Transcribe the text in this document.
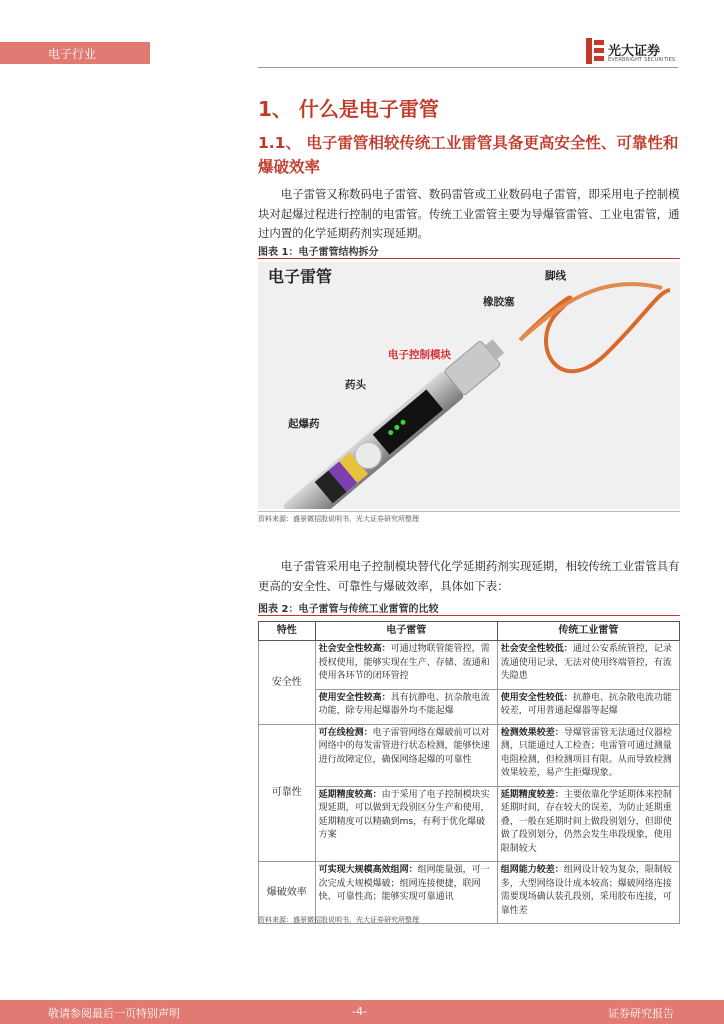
电子行业	光大证券
EVERBRIGHT SECURITIES
1、 什么是电子雷管
1.1、 电子雷管相较传统工业雷管具备更高安全性、可靠性和爆破效率
电子雷管又称数码电子雷管、数码雷管或工业数码电子雷管，即采用电子控制模块对起爆过程进行控制的电雷管。传统工业雷管主要为导爆管雷管、工业电雷管，通过内置的化学延期药剂实现延期。
图表 1：电子雷管结构拆分
电子雷管	脚线
橡胶塞
电子控制模块
药头
起爆药
资料来源：盛景微招股说明书，光大证券研究所整理
电子雷管采用电子控制模块替代化学延期药剂实现延期，相较传统工业雷管具有更高的安全性、可靠性与爆破效率，具体如下表：
图表 2：电子雷管与传统工业雷管的比较
特性	电子雷管	传统工业雷管
安全性	社会安全性较高：可通过物联管能管控，需授权使用，能够实现在生产、存储、流通和使用各环节的闭环管控	社会安全性较低：通过公安系统管控，记录流通使用记录，无法对使用终端管控，有流失隐患

	使用安全性较高：具有抗静电、抗杂散电流功能，除专用起爆器外均不能起爆	使用安全性较低：抗静电、抗杂散电流功能较差，可用普通起爆器等起爆

可靠性	可在线检测：电子雷管网络在爆破前可以对网络中的每发雷管进行状态检测，能够快速进行故障定位，确保网络起爆的可靠性	检测效果较差：导爆管雷管无法通过仪器检测，只能通过人工检查；电雷管可通过测量电阻检测，但检测项目有限。从而导致检测效果较差，易产生拒爆现象。

	延期精度较高：由于采用了电子控制模块实现延期，可以做到无段别区分生产和使用，延期精度可以精确到ms，有利于优化爆破方案	延期精度较差：主要依靠化学延期体来控制延期时间，存在较大的误差，为防止延期重叠，一般在延期时间上做段别划分，但即使做了段别划分，仍然会发生串段现象，使用限制较大

爆破效率	可实现大规模高效组网：组网能量强，可一次完成大规模爆破；组网连接便捷，联网快、可靠性高；能够实现可靠通讯	组网能力较差：组网设计较为复杂，限制较多，大型网络设计成本较高；爆破网络连接需要现场确认装孔段别，采用胶布连接，可靠性差

资料来源：盛景微招股说明书，光大证券研究所整理
敬请参阅最后一页特别声明	-4-	证券研究报告
